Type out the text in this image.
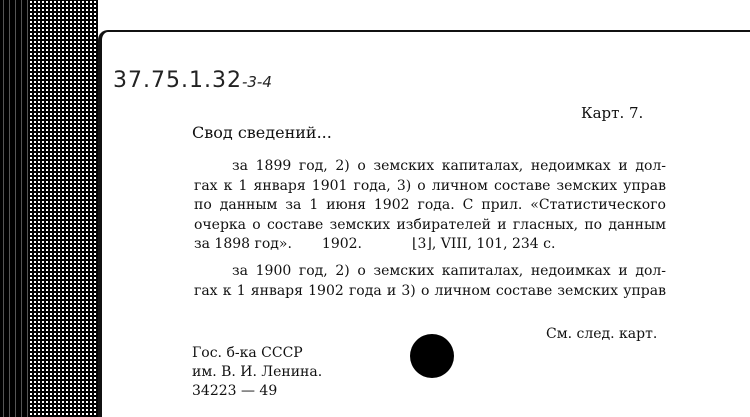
37.75.1.32-3-4
Карт. 7.
Свод сведений...
за 1899 год, 2) о земских капиталах, недоимках и дол-
гах к 1 января 1901 года, 3) о личном составе земских управ
по данным за 1 июня 1902 года. С прил. «Статистического
очерка о составе земских избирателей и гласных, по данным
за 1898 год». 1902.	⌊3⌋, VIII, 101, 234 с.
за 1900 год, 2) о земских капиталах, недоимках и дол-
гах к 1 января 1902 года и 3) о личном составе земских управ
См. след. карт.
Гос. б-ка СССР
им. В. И. Ленина.
34223 — 49
